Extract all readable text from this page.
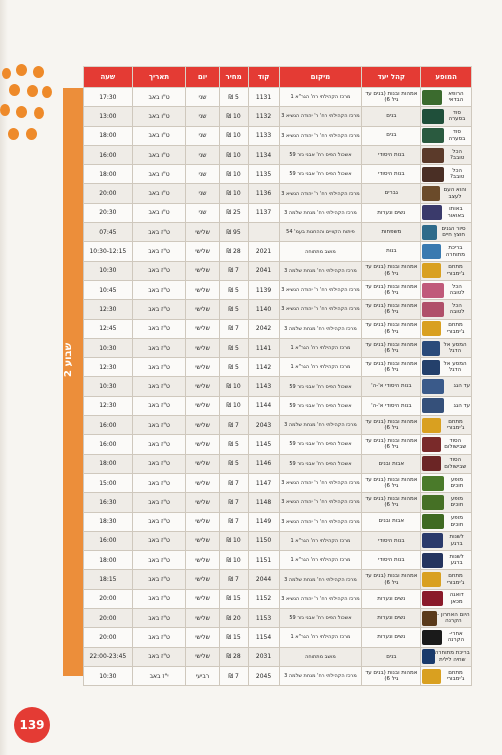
שבוע 2
המופע	קהל יעד	מיקום	קוד	מחיר	יום	תאריך	שעה

הרופא הבדאי	אמהות ובנות (בנים עד גיל 6)	מרכז הקהילתי רח' הגר"א 1	1131	5 ₪	שני	ט"ו באב	17:30

סוד בסערה	בנים	מרכז הקהילתי רח' ר' יהודה הנשיא 3	1132	10 ₪	שני	ט"ו באב	13:00

סוד בסערה	בנים	מרכז הקהילתי רח' ר' יהודה הנשיא 3	1133	10 ₪	שני	ט"ו באב	18:00

הכל טובב?	בנות היסודי	אשכול הפיס רח' אבני נזר 59	1134	10 ₪	שני	ט"ו באב	16:00

הכל טובב?	בנות היסודי	אשכול הפיס רח' אבני נזר 59	1135	10 ₪	שני	ט"ו באב	18:00

והוא העם לעצב	גברים	מרכז הקהילתי רח' ר' יהודה הנשיא 3	1136	10 ₪	שני	ט"ו באב	20:00

באותו באואור	נשים ונערות	מרכז הקהילתי רח' מנחת שלמה 3	1137	25 ₪	שני	ט"ו באב	20:30

סיור הגנים חוצץ חיים	משפחות	פיתוח הקוויים וההחנות בעמ' 54		95 ₪	שלישי	ט"ז באב	07:45

בריכת מתוחרה	בנות	מושב מתתוחה	2021	28 ₪	שלישי	ט"ז באב	10:30-12:15

מתחם ג'ימבורי	אמהות ובנות (בנים עד גיל 6)	מרכז הקהילתי רח' מנחת שלמה 3	2041	7 ₪	שלישי	ט"ז באב	10:30

הכל לטובה	אמהות ובנות (בנים עד גיל 6)	מרכז הקהילתי רח' ר' יהודה הנשיא 3	1139	5 ₪	שלישי	ט"ז באב	10:45

הכל לטובה	אמהות ובנות (בנים עד גיל 6)	מרכז הקהילתי רח' ר' יהודה הנשיא 3	1140	5 ₪	שלישי	ט"ז באב	12:30

מתחם ג'ימבורי	אמהות ובנות (בנים עד גיל 6)	מרכז הקהילתי רח' מנחת שלמה 3	2042	7 ₪	שלישי	ט"ז באב	12:45

המסע אל הדגל	אמהות ובנות (בנים עד גיל 6)	מרכז הקהילתי רח' הגר"א 1	1141	5 ₪	שלישי	ט"ז באב	10:30

המסע אל הדגל	אמהות ובנות (בנים עד גיל 6)	מרכז הקהילתי רח' הגר"א 1	1142	5 ₪	שלישי	ט"ז באב	12:30

עד הגג	בנות היסודי א'-ה'	אשכול הפיס רח' אבני נזר 59	1143	10 ₪	שלישי	ט"ז באב	10:30

עד הגג	בנות היסודי א'-ה'	אשכול הפיס רח' אבני נזר 59	1144	10 ₪	שלישי	ט"ז באב	12:30

מתחם ג'ימבורי	אמהות ובנות (בנים עד גיל 6)	מרכז הקהילתי רח' מנחת שלמה 3	2043	7 ₪	שלישי	ט"ז באב	16:00

הסוד שבישולום	אמהות ובנות (בנים עד גיל 6)	אשכול הפיס רח' אבני נזר 59	1145	5 ₪	שלישי	ט"ז באב	16:00

הסוד שבישולום	אבות ובנים	אשכול הפיס רח' אבני נזר 59	1146	5 ₪	שלישי	ט"ז באב	18:00

מופע חוכים	אמהות ובנות (בנים עד גיל 6)	מרכז הקהילתי רח' ר' יהודה הנשיא 3	1147	7 ₪	שלישי	ט"ז באב	15:00

מופע חוכים	אמהות ובנות (בנים עד גיל 6)	מרכז הקהילתי רח' ר' יהודה הנשיא 3	1148	7 ₪	שלישי	ט"ז באב	16:30

מופע חוכים	אבות ובנים	מרכז הקהילתי רח' ר' יהודה הנשיא 3	1149	7 ₪	שלישי	ט"ז באב	18:30

לשנות ברגע	בנות היסודי	מרכז הקהילתי רח' הגר"א 1	1150	10 ₪	שלישי	ט"ז באב	16:00

לשנות ברגע	בנות היסודי	מרכז הקהילתי רח' הגר"א 1	1151	10 ₪	שלישי	ט"ז באב	18:00

מתחם ג'ימבורי	אמהות ובנות (בנים עד גיל 6)	מרכז הקהילתי רח' מנחת שלמה 3	2044	7 ₪	שלישי	ט"ז באב	18:15

דואגה מכאן	נשים ונערות	מרכז הקהילתי רח' ר' יהודה הנשיא 3	1152	15 ₪	שלישי	ט"ז באב	20:00

היום האחרון - הקרנה	נשים ונערות	אשכול הפיס רח' אבני נזר 59	1153	20 ₪	שלישי	ט"ז באב	20:00

אחרי- הקרנה	נשים ונערות	מרכז הקהילתי רח' הגר"א 1	1154	15 ₪	שלישי	ט"ז באב	20:00

בריכת מתוחרה שחיה לילית	בנים	מושב מתתוחה	2031	28 ₪	שלישי	ט"ז באב	22:00-23:45

מתחם ג'ימבורי	אמהות ובנות (בנים עד גיל 6)	מרכז הקהילתי רח' מנחת שלמה 3	2045	7 ₪	רביעי	י"ז באב	10:30
139
